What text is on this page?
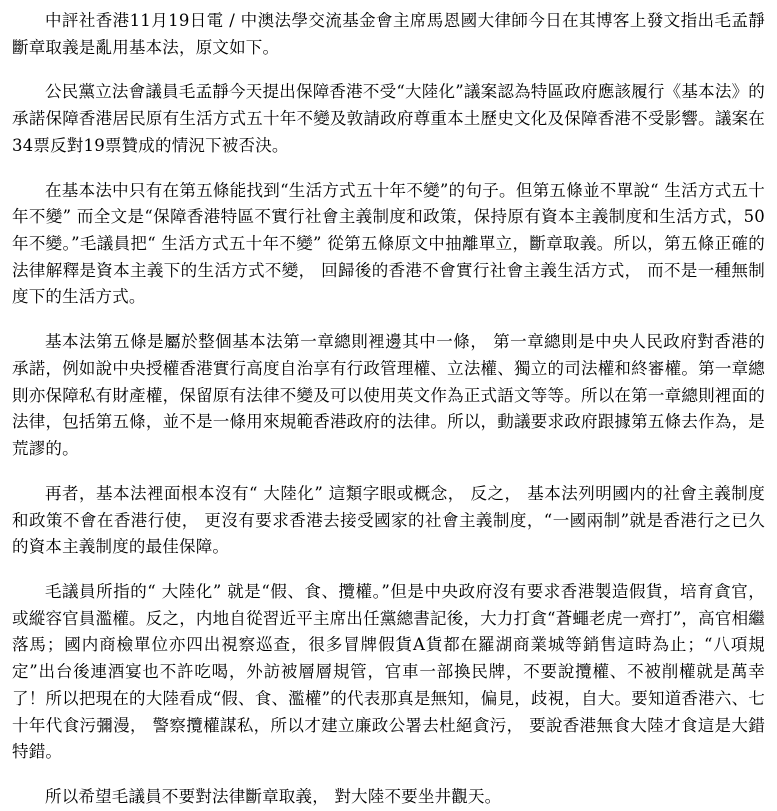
中評社香港11月19日電 / 中澳法學交流基金會主席馬恩國大律師今日在其博客上發文指出毛孟靜斷章取義是亂用基本法，原文如下。

公民黨立法會議員毛孟靜今天提出保障香港不受“大陸化”議案認為特區政府應該履行《基本法》的承諾保障香港居民原有生活方式五十年不變及敦請政府尊重本土歷史文化及保障香港不受影響。議案在34票反對19票贊成的情況下被否決。

在基本法中只有在第五條能找到“生活方式五十年不變”的句子。但第五條並不單說“ 生活方式五十年不變” 而全文是“保障香港特區不實行社會主義制度和政策，保持原有資本主義制度和生活方式，50年不變。”毛議員把“ 生活方式五十年不變” 從第五條原文中抽離單立，斷章取義。所以，第五條正確的法律解釋是資本主義下的生活方式不變， 回歸後的香港不會實行社會主義生活方式， 而不是一種無制度下的生活方式。

基本法第五條是屬於整個基本法第一章總則裡邊其中一條， 第一章總則是中央人民政府對香港的承諾，例如說中央授權香港實行高度自治享有行政管理權、立法權、獨立的司法權和終審權。第一章總則亦保障私有財產權，保留原有法律不變及可以使用英文作為正式語文等等。所以在第一章總則裡面的法律，包括第五條，並不是一條用來規範香港政府的法律。所以，動議要求政府跟據第五條去作為，是荒謬的。

再者，基本法裡面根本沒有“ 大陸化” 這類字眼或概念， 反之， 基本法列明國内的社會主義制度和政策不會在香港行使， 更沒有要求香港去接受國家的社會主義制度，“一國兩制”就是香港行之已久的資本主義制度的最佳保障。

毛議員所指的“ 大陸化” 就是“假、食、攬權。”但是中央政府沒有要求香港製造假貨，培育貪官，或縱容官員濫權。反之，内地自從習近平主席出任黨總書記後，大力打貪“蒼蠅老虎一齊打”，高官相繼落馬；國内商檢單位亦四出視察巡查，很多冒牌假貨A貨都在羅湖商業城等銷售這時為止；“八項規定”出台後連酒宴也不許吃喝，外訪被層層規管，官車一部換民牌，不要說攬權、不被削權就是萬幸了！所以把現在的大陸看成“假、食、濫權”的代表那真是無知，偏見，歧視，自大。要知道香港六、七十年代食污彌漫， 警察攬權謀私，所以才建立廉政公署去杜絕貪污， 要說香港無食大陸才食這是大錯特錯。

所以希望毛議員不要對法律斷章取義， 對大陸不要坐井觀天。
